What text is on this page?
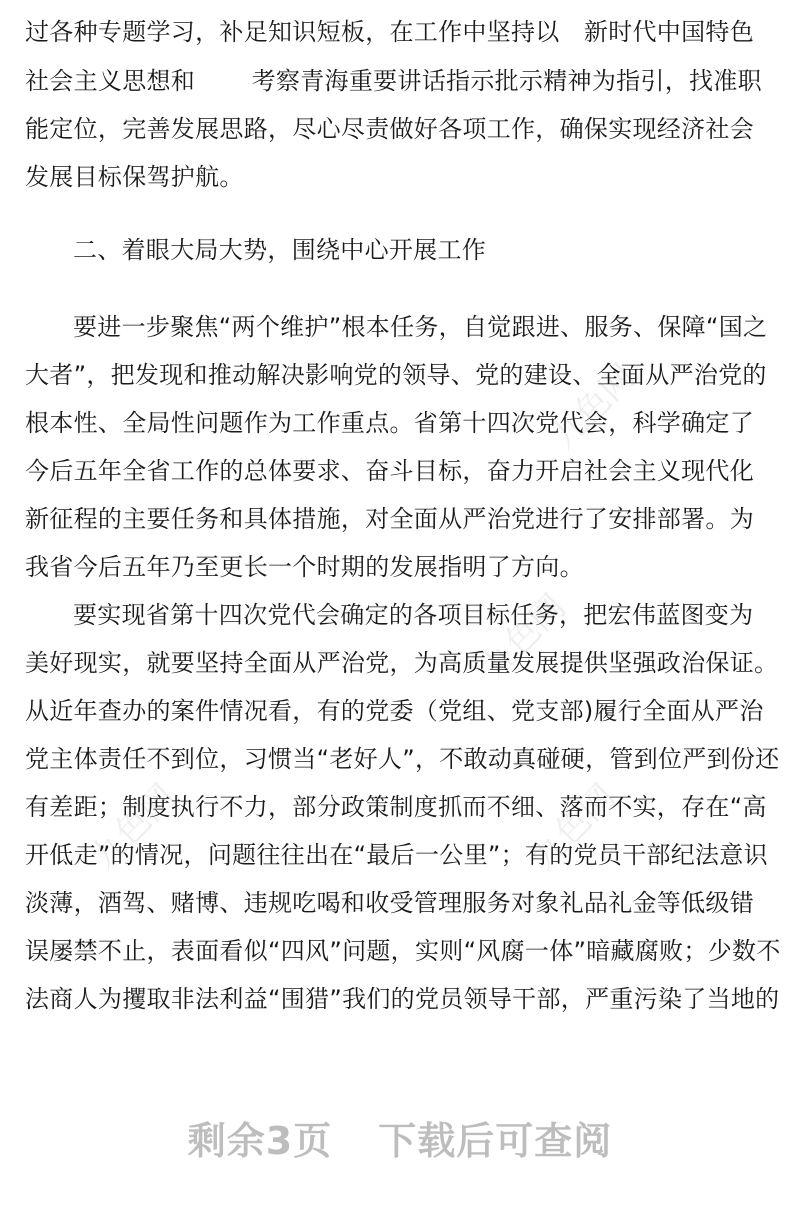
九色网
九色网
九色网	九色网
过各种专题学习，补足知识短板，在工作中坚持以　新时代中国特色
社会主义思想和　　 考察青海重要讲话指示批示精神为指引，找准职
能定位，完善发展思路，尽心尽责做好各项工作，确保实现经济社会
发展目标保驾护航。
二、着眼大局大势，围绕中心开展工作
要进一步聚焦“两个维护”根本任务，自觉跟进、服务、保障“国之
大者”，把发现和推动解决影响党的领导、党的建设、全面从严治党的
根本性、全局性问题作为工作重点。省第十四次党代会，科学确定了
今后五年全省工作的总体要求、奋斗目标，奋力开启社会主义现代化
新征程的主要任务和具体措施，对全面从严治党进行了安排部署。为
我省今后五年乃至更长一个时期的发展指明了方向。
要实现省第十四次党代会确定的各项目标任务，把宏伟蓝图变为
美好现实，就要坚持全面从严治党，为高质量发展提供坚强政治保证。
从近年查办的案件情况看，有的党委（党组、党支部)履行全面从严治
党主体责任不到位，习惯当“老好人”，不敢动真碰硬，管到位严到份还
有差距；制度执行不力，部分政策制度抓而不细、落而不实，存在“高
开低走”的情况，问题往往出在“最后一公里”；有的党员干部纪法意识
淡薄，酒驾、赌博、违规吃喝和收受管理服务对象礼品礼金等低级错
误屡禁不止，表面看似“四风”问题，实则“风腐一体”暗藏腐败；少数不
法商人为攫取非法利益“围猎”我们的党员领导干部，严重污染了当地的
剩余3页 下载后可查阅
